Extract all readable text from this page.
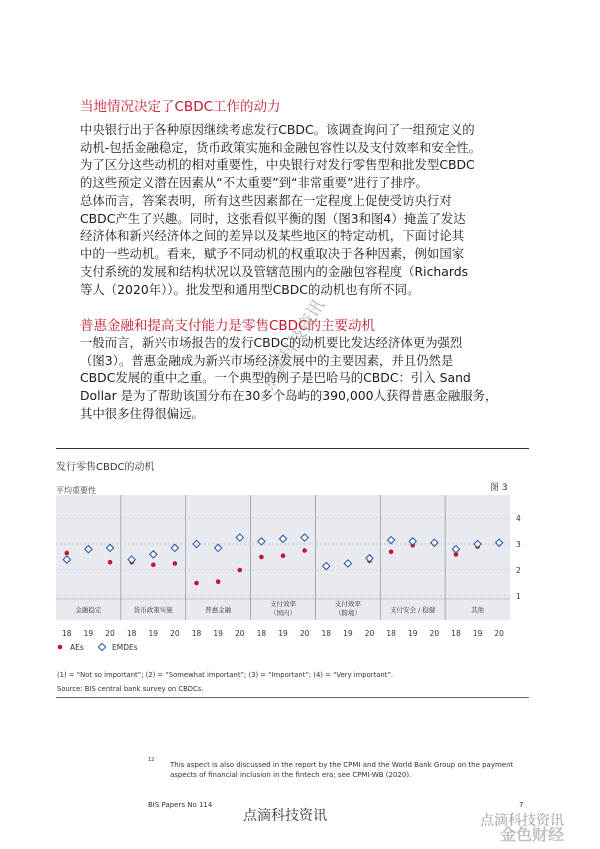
当地情况决定了CBDC工作的动力

中央银行出于各种原因继续考虑发行CBDC。该调查询问了一组预定义的
动机-包括金融稳定，货币政策实施和金融包容性以及支付效率和安全性。
为了区分这些动机的相对重要性，中央银行对发行零售型和批发型CBDC
的这些预定义潜在因素从“不太重要”到“非常重要”进行了排序。

总体而言，答案表明，所有这些因素都在一定程度上促使受访央行对
CBDC产生了兴趣。同时，这张看似平衡的图（图3和图4）掩盖了发达
经济体和新兴经济体之间的差异以及某些地区的特定动机，下面讨论其
中的一些动机。看来，赋予不同动机的权重取决于各种因素，例如国家
支付系统的发展和结构状况以及管辖范围内的金融包容程度（Richards
等人（2020年））。批发型和通用型CBDC的动机也有所不同。

普惠金融和提高支付能力是零售CBDC的主要动机

一般而言，新兴市场报告的发行CBDC的动机要比发达经济体更为强烈
（图3）。普惠金融成为新兴市场经济发展中的主要因素，并且仍然是
CBDC发展的重中之重。一个典型的例子是巴哈马的CBDC：引入 Sand
Dollar 是为了帮助该国分布在30多个岛屿的390,000人获得普惠金融服务，
其中很多住得很偏远。

点滴科技资讯
发行零售CBDC的动机
平均重要性	图 3
1
2
3
4
金融稳定
18 19 20
货币政策实施
18 19 20
普惠金融
18 19 20
支付效率
（国内）
18 19 20
支付效率
（跨境）
18 19 20
支付安全 / 稳健
18 19 20
其他
18 19 20
AEs	EMDEs
(1) = “Not so important”; (2) = “Somewhat important”; (3) = “Important”; (4) = “Very important”.
Source: BIS central bank survey on CBDCs.
12
This aspect is also discussed in the report by the CPMI and the World Bank Group on the payment
aspects of financial inclusion in the fintech era; see CPMI-WB (2020).
BIS Papers No 114
点滴科技资讯
7
点滴科技资讯
金色财经
